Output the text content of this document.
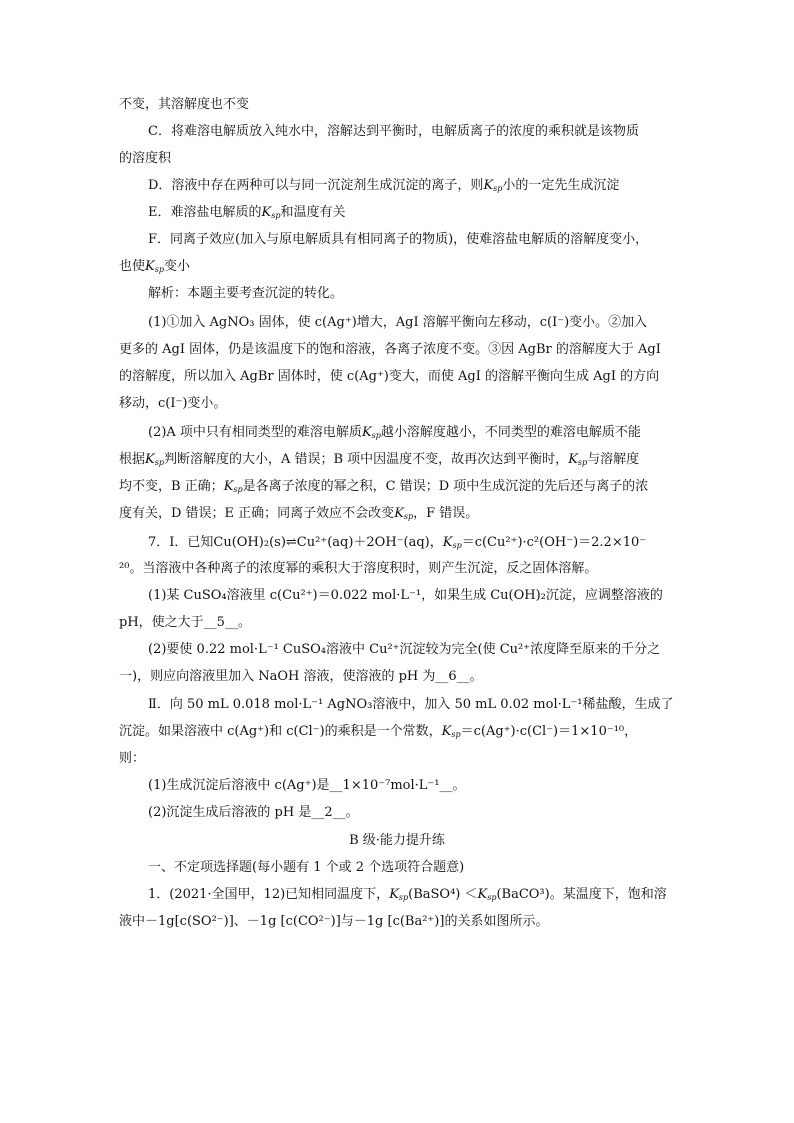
不变，其溶解度也不变
C．将难溶电解质放入纯水中，溶解达到平衡时，电解质离子的浓度的乘积就是该物质
的溶度积
D．溶液中存在两种可以与同一沉淀剂生成沉淀的离子，则$K_{sp}$小的一定先生成沉淀
E．难溶盐电解质的$K_{sp}$和温度有关
F．同离子效应(加入与原电解质具有相同离子的物质)，使难溶盐电解质的溶解度变小，
也使$K_{sp}$变小
解析：本题主要考查沉淀的转化。
(1)①加入 AgNO₃ 固体，使 c(Ag⁺)增大，AgI 溶解平衡向左移动，c(I⁻)变小。②加入
更多的 AgI 固体，仍是该温度下的饱和溶液，各离子浓度不变。③因 AgBr 的溶解度大于 AgI
的溶解度，所以加入 AgBr 固体时，使 c(Ag⁺)变大，而使 AgI 的溶解平衡向生成 AgI 的方向
移动，c(I⁻)变小。
(2)A 项中只有相同类型的难溶电解质$K_{sp}$越小溶解度越小，不同类型的难溶电解质不能
根据$K_{sp}$判断溶解度的大小，A 错误；B 项中因温度不变，故再次达到平衡时，$K_{sp}$与溶解度
均不变，B 正确；$K_{sp}$是各离子浓度的幂之积，C 错误；D 项中生成沉淀的先后还与离子的浓
度有关，D 错误；E 正确；同离子效应不会改变$K_{sp}$，F 错误。
7．Ⅰ．已知Cu(OH)₂(s)⇌Cu²⁺(aq)＋2OH⁻(aq)，$K_{sp}=c(Cu^{2+})\cdot c^2(OH^-)=2.2\times 10^-$
²⁰。当溶液中各种离子的浓度幂的乘积大于溶度积时，则产生沉淀，反之固体溶解。
(1)某 CuSO₄溶液里 c(Cu²⁺)＝0.022 mol·L⁻¹，如果生成 Cu(OH)₂沉淀，应调整溶液的
pH，使之大于__5__。
(2)要使 0.22 mol·L⁻¹ CuSO₄溶液中 Cu²⁺沉淀较为完全(使 Cu²⁺浓度降至原来的千分之
一)，则应向溶液里加入 NaOH 溶液，使溶液的 pH 为__6__。
Ⅱ．向 50 mL 0.018 mol·L⁻¹ AgNO₃溶液中，加入 50 mL 0.02 mol·L⁻¹稀盐酸，生成了
沉淀。如果溶液中 c(Ag⁺)和 c(Cl⁻)的乘积是一个常数，$K_{sp}=c(Ag^+)\cdot c(Cl^-)=1\times 10^{-10}$，
则：
(1)生成沉淀后溶液中 c(Ag⁺)是__1×10⁻⁷mol·L⁻¹__。
(2)沉淀生成后溶液的 pH 是__2__。
B 级·能力提升练
一、不定项选择题(每小题有 1 个或 2 个选项符合题意)
1．(2021·全国甲，12)已知相同温度下，$K_{sp}(BaSO^4)$ $<K_{sp}(BaCO^3)$。某温度下，饱和溶
液中－1g[c(SO²⁻)]、－1g [c(CO²⁻)]与－1g [c(Ba²⁺)]的关系如图所示。
